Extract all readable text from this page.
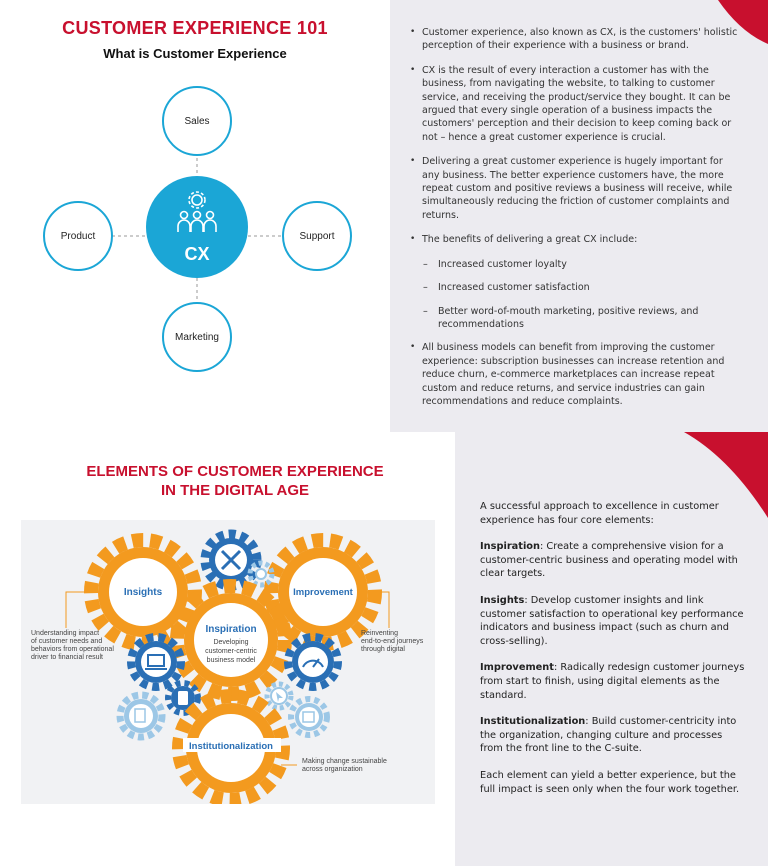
CUSTOMER EXPERIENCE 101
What is Customer Experience
Sales
Product	Support
Marketing
CX
• Customer experience, also known as CX, is the customers' holistic perception of their experience with a business or brand.
• CX is the result of every interaction a customer has with the business, from navigating the website, to talking to customer service, and receiving the product/service they bought. It can be argued that every single operation of a business impacts the customers' perception and their decision to keep coming back or not – hence a great customer experience is crucial.
• Delivering a great customer experience is hugely important for any business. The better experience customers have, the more repeat custom and positive reviews a business will receive, while simultaneously reducing the friction of customer complaints and returns.
• The benefits of delivering a great CX include:
– Increased customer loyalty
– Increased customer satisfaction
– Better word-of-mouth marketing, positive reviews, and recommendations
• All business models can benefit from improving the customer experience: subscription businesses can increase retention and reduce churn, e-commerce marketplaces can increase repeat custom and reduce returns, and service industries can gain recommendations and reduce complaints.
ELEMENTS OF CUSTOMER EXPERIENCE
IN THE DIGITAL AGE
Insights	Improvement
Inspiration
Developing
customer-centric
business model
Institutionalization
Understanding impact
of customer needs and
behaviors from operational
driver to financial result
Reinventing
end-to-end journeys
through digital
Making change sustainable
across organization

A successful approach to excellence in customer experience has four core elements:

Inspiration: Create a comprehensive vision for a customer-centric business and operating model with clear targets.

Insights: Develop customer insights and link customer satisfaction to operational key performance indicators and business impact (such as churn and cross-selling).

Improvement: Radically redesign customer journeys from start to finish, using digital elements as the standard.

Institutionalization: Build customer-centricity into the organization, changing culture and processes from the front line to the C-suite.

Each element can yield a better experience, but the full impact is seen only when the four work together.
